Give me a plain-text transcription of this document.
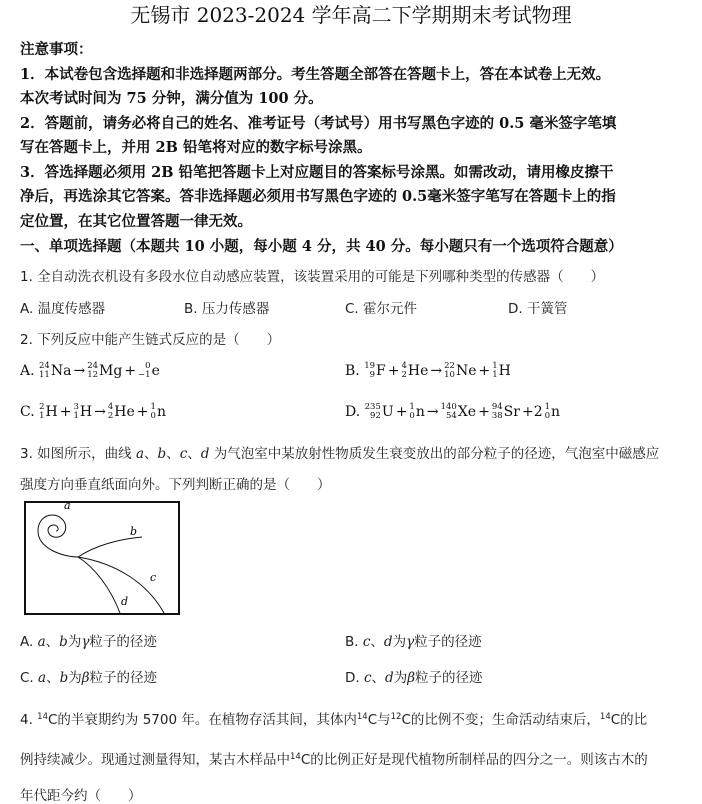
无锡市 2023-2024 学年高二下学期期末考试物理

注意事项：

1．本试卷包含选择题和非选择题两部分。考生答题全部答在答题卡上，答在本试卷上无效。

本次考试时间为 75 分钟，满分值为 100 分。

2．答题前，请务必将自己的姓名、准考证号（考试号）用书写黑色字迹的 0.5 毫米签字笔填

写在答题卡上，并用 2B 铅笔将对应的数字标号涂黑。

3．答选择题必须用 2B 铅笔把答题卡上对应题目的答案标号涂黑。如需改动，请用橡皮擦干

净后，再选涂其它答案。答非选择题必须用书写黑色字迹的 0.5毫米签字笔写在答题卡上的指

定位置，在其它位置答题一律无效。

一、单项选择题（本题共 10 小题，每小题 4 分，共 40 分。每小题只有一个选项符合题意）
1. 全自动洗衣机设有多段水位自动感应装置，该装置采用的可能是下列哪种类型的传感器（　　）
A. 温度传感器	B. 压力传感器	C. 霍尔元件	D. 干簧管
2. 下列反应中能产生链式反应的是（　　）
A. 24
11 Na → 24
12 Mg + 0
−1 e	B. 19
9 F + 4
2 He → 22
10 Ne + 1
1 H
C. 2
1 H + 3
1 H → 4
2 He + 1
0 n	D. 235
92 U + 1
0 n → 140
54 Xe + 94
38 Sr +2 1
0 n
3. 如图所示，曲线 a、b、c、d 为气泡室中某放射性物质发生衰变放出的部分粒子的径迹，气泡室中磁感应
强度方向垂直纸面向外。下列判断正确的是（　　）
a
b
c
d
A. a、b为γ粒子的径迹	B. c、d为γ粒子的径迹
C. a、b为β粒子的径迹	D. c、d为β粒子的径迹
4. $^{14}$C的半衰期约为 5700 年。在植物存活其间，其体内$^{14}$C与$^{12}$C的比例不变；生命活动结束后，$^{14}$C的比
例持续减少。现通过测量得知，某古木样品中$^{14}$C的比例正好是现代植物所制样品的四分之一。则该古木的
年代距今约（　　）
